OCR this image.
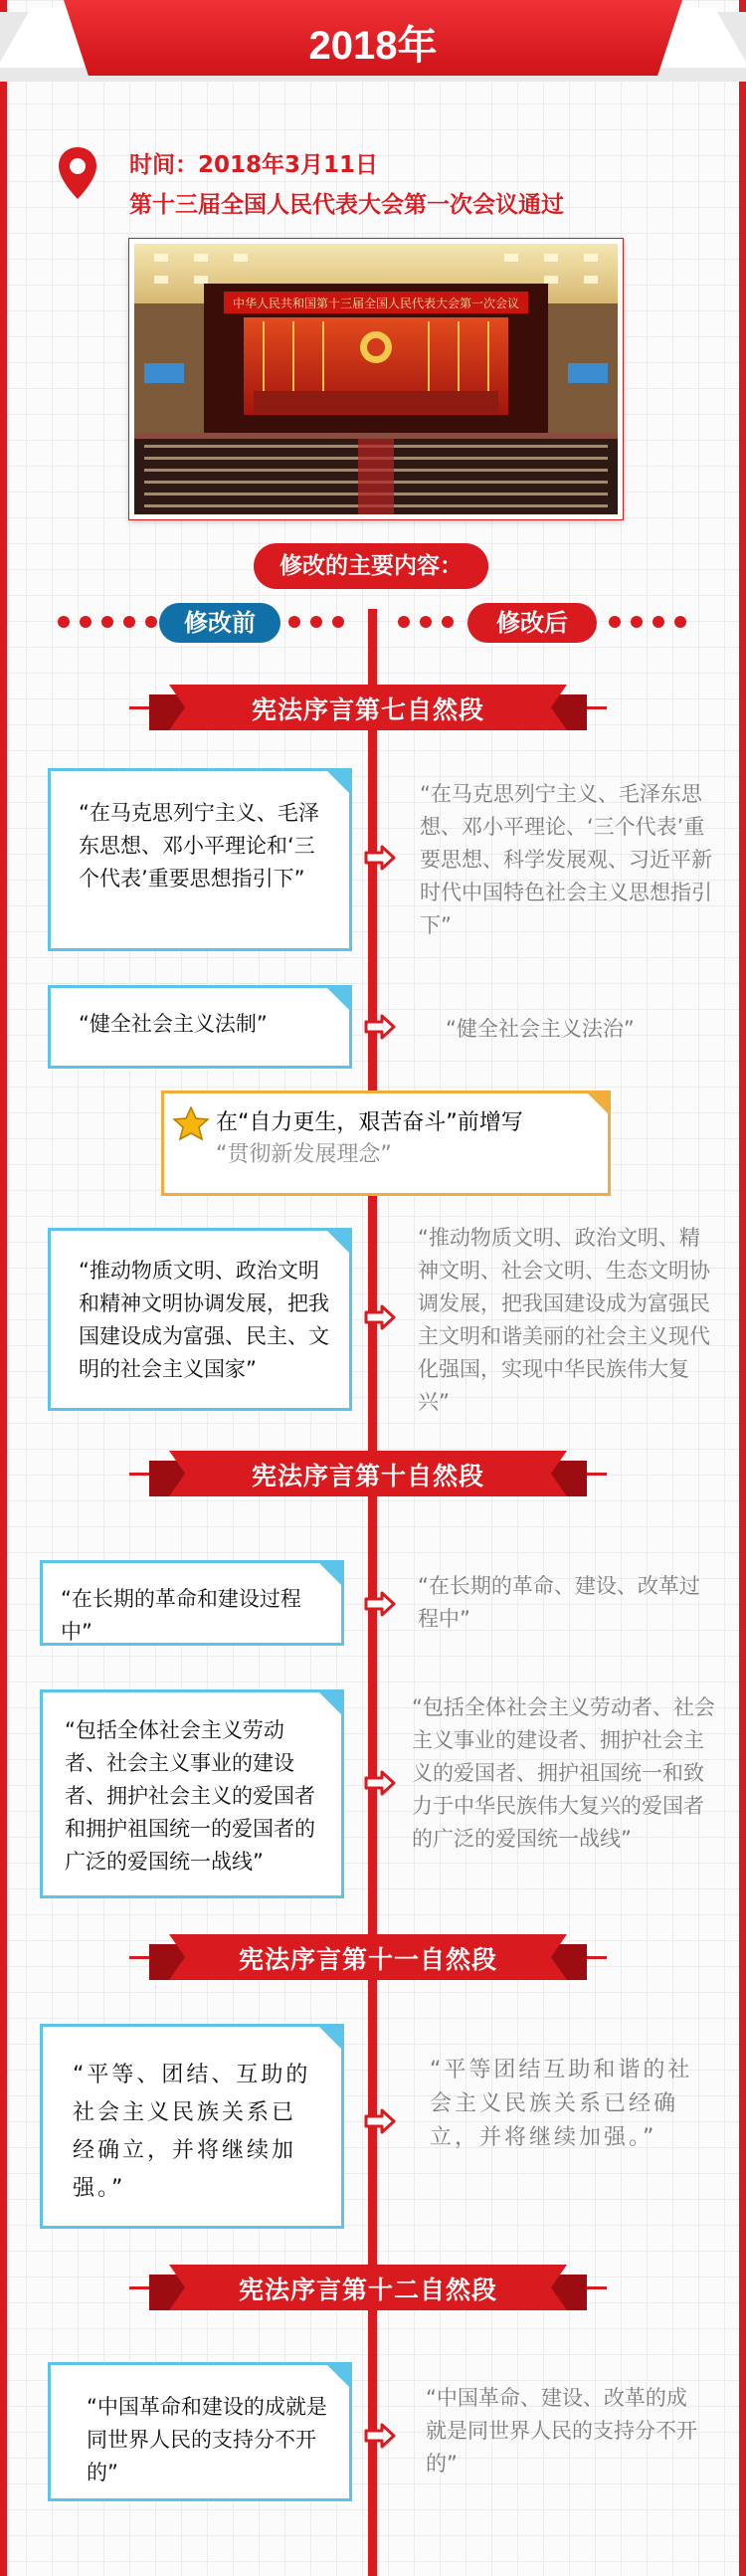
2018年
时间：2018年3月11日
第十三届全国人民代表大会第一次会议通过
中华人民共和国第十三届全国人民代表大会第一次会议
修改的主要内容：
修改前	修改后
宪法序言第七自然段
“在马克思列宁主义、毛泽东思想、邓小平理论和‘三个代表’重要思想指引下”
“在马克思列宁主义、毛泽东思想、邓小平理论、‘三个代表’重要思想、科学发展观、习近平新时代中国特色社会主义思想指引下”
“健全社会主义法制”	“健全社会主义法治”
在“自力更生，艰苦奋斗”前增写
“贯彻新发展理念”
“推动物质文明、政治文明和精神文明协调发展，把我国建设成为富强、民主、文明的社会主义国家”
“推动物质文明、政治文明、精神文明、社会文明、生态文明协调发展，把我国建设成为富强民主文明和谐美丽的社会主义现代化强国，实现中华民族伟大复兴”
宪法序言第十自然段
“在长期的革命和建设过程中”
“在长期的革命、建设、改革过程中”
“包括全体社会主义劳动者、社会主义事业的建设者、拥护社会主义的爱国者和拥护祖国统一的爱国者的广泛的爱国统一战线”
“包括全体社会主义劳动者、社会主义事业的建设者、拥护社会主义的爱国者、拥护祖国统一和致力于中华民族伟大复兴的爱国者的广泛的爱国统一战线”
宪法序言第十一自然段
“平等、团结、互助的社会主义民族关系已经确立，并将继续加强。”
“平等团结互助和谐的社会主义民族关系已经确立，并将继续加强。”
宪法序言第十二自然段
“中国革命和建设的成就是同世界人民的支持分不开的”
“中国革命、建设、改革的成就是同世界人民的支持分不开的”
